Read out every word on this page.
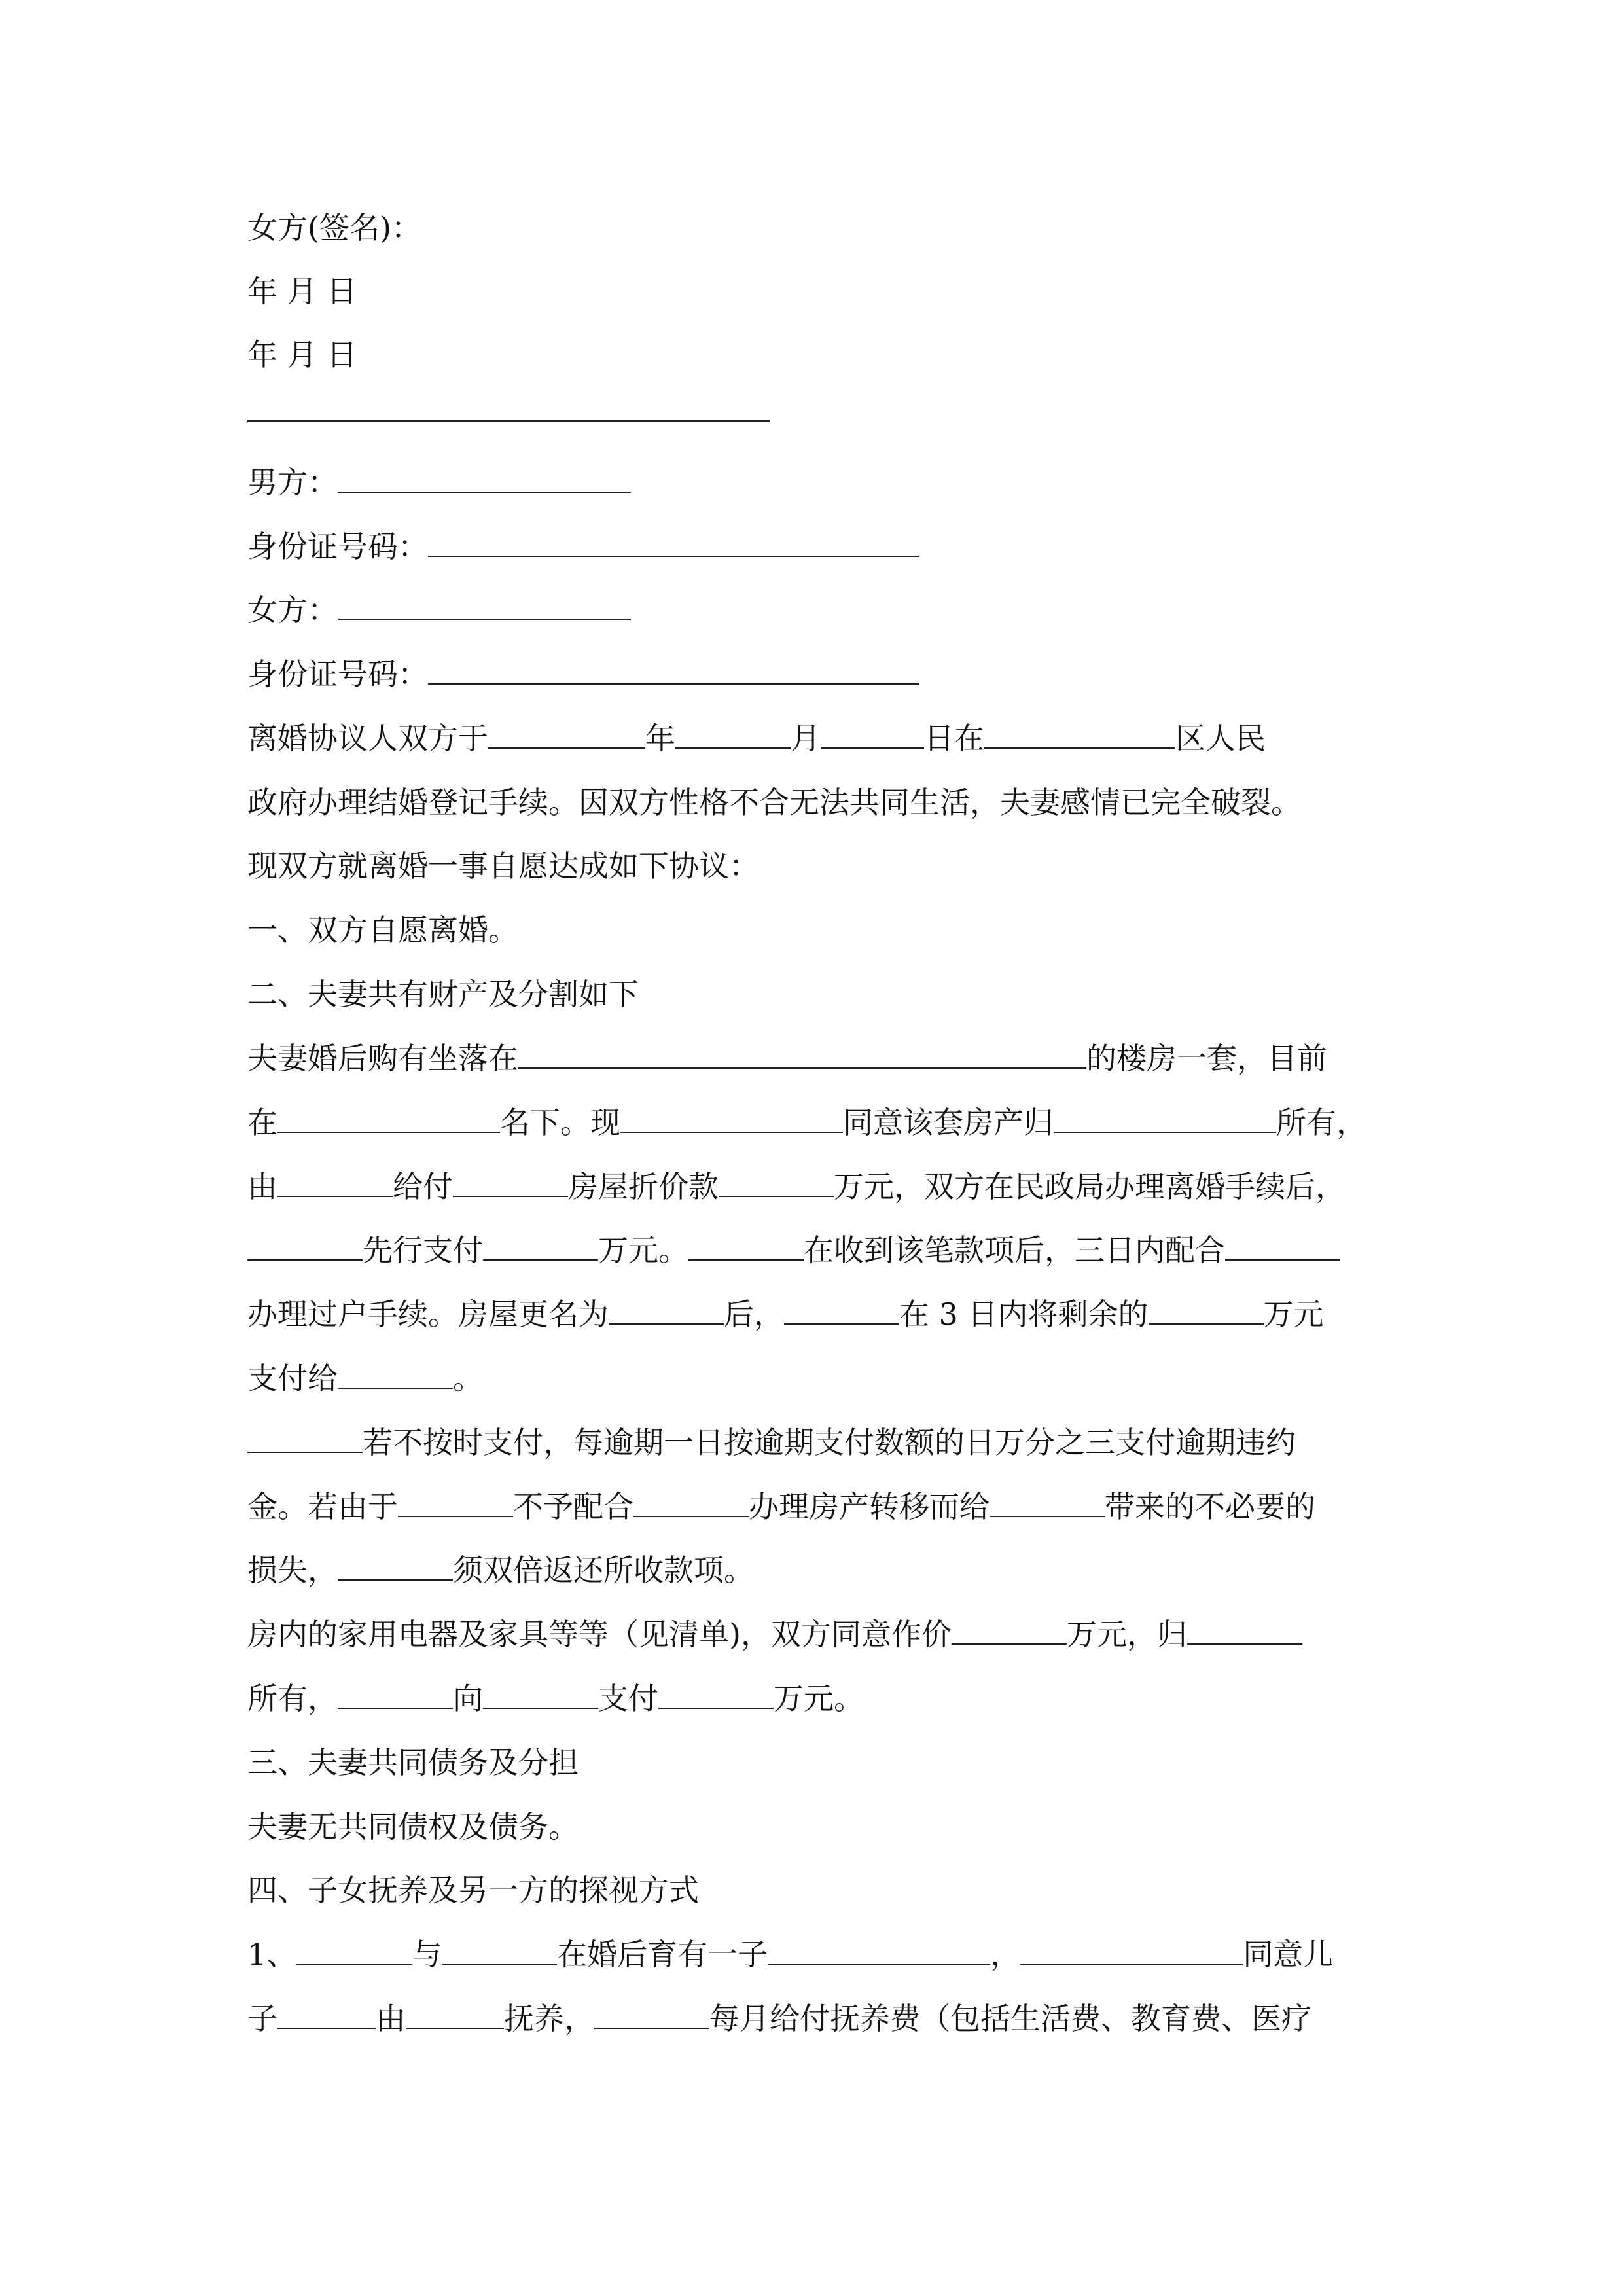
女方(签名)：
年 月 日
年 月 日
男方：
身份证号码：
女方：
身份证号码：
离婚协议人双方于	年	月	日在	区人民
政府办理结婚登记手续。因双方性格不合无法共同生活，夫妻感情已完全破裂。
现双方就离婚一事自愿达成如下协议：
一、双方自愿离婚。
二、夫妻共有财产及分割如下
夫妻婚后购有坐落在	的楼房一套，目前
在	名下。现	同意该套房产归	所有，
由	给付	房屋折价款	万元，双方在民政局办理离婚手续后，
先行支付	万元。	在收到该笔款项后，三日内配合
办理过户手续。房屋更名为	后，	在 3 日内将剩余的	万元
支付给	。
若不按时支付，每逾期一日按逾期支付数额的日万分之三支付逾期违约
金。若由于	不予配合	办理房产转移而给	带来的不必要的
损失，	须双倍返还所收款项。
房内的家用电器及家具等等（见清单)，双方同意作价	万元，归
所有，	向	支付	万元。
三、夫妻共同债务及分担
夫妻无共同债权及债务。
四、子女抚养及另一方的探视方式
1、	与	在婚后育有一子	，	同意儿
子	由	抚养，	每月给付抚养费（包括生活费、教育费、医疗
